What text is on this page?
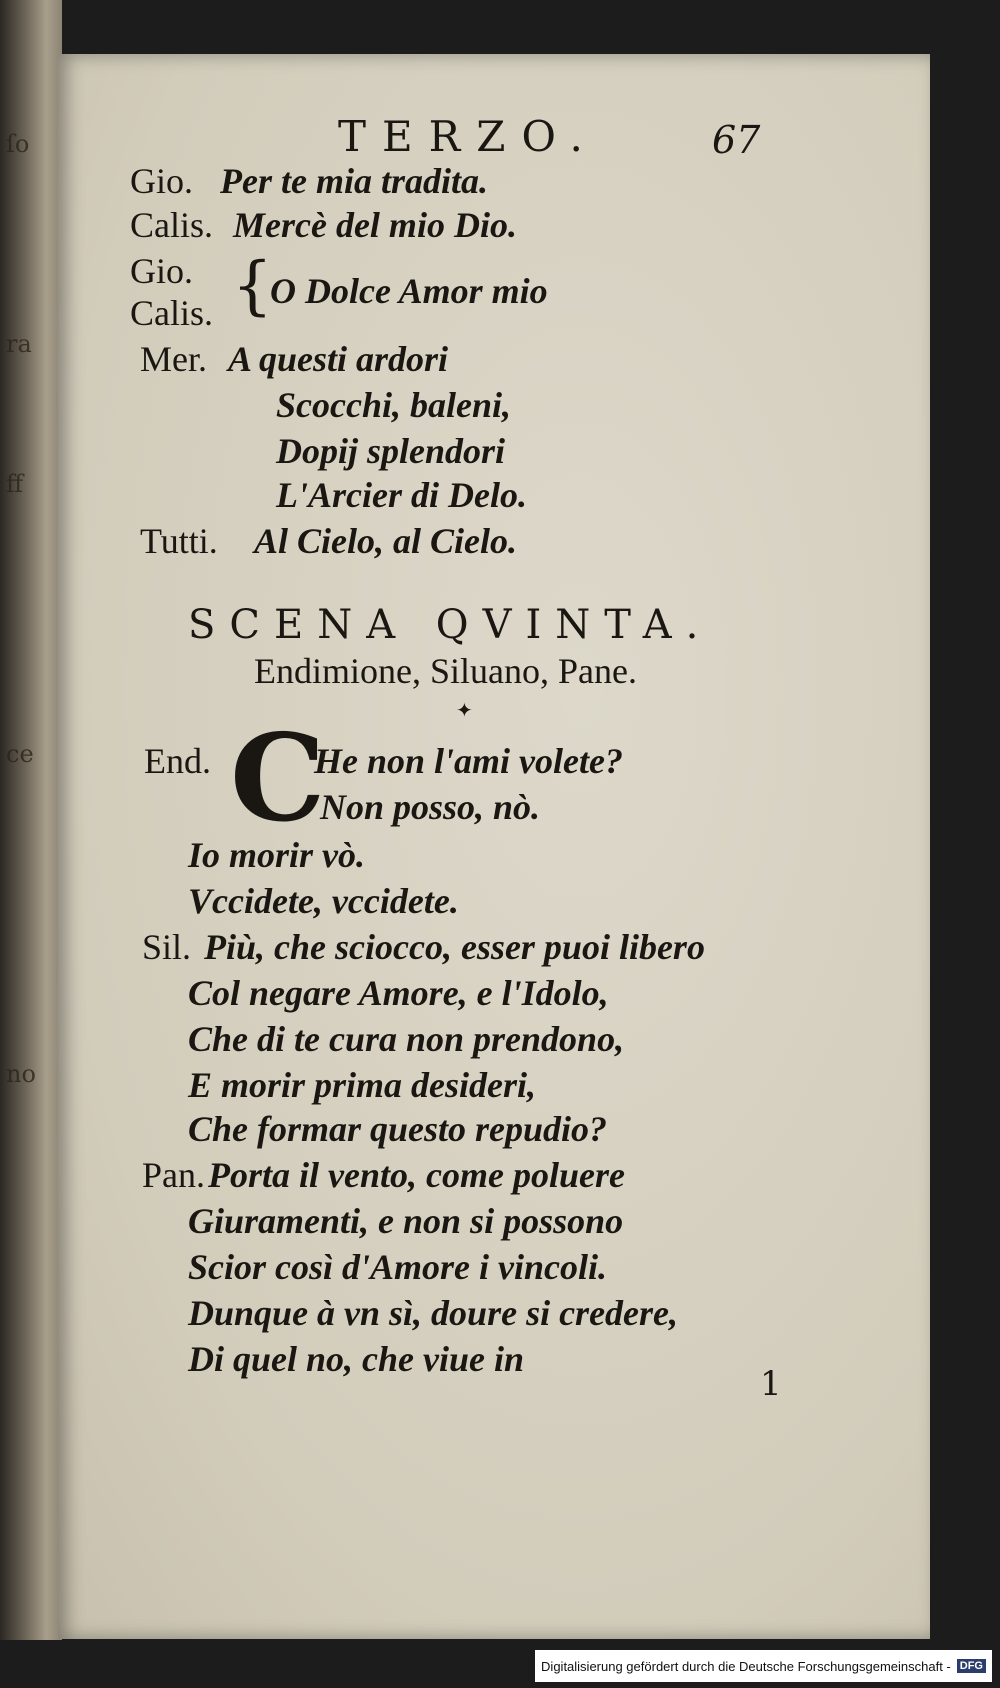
ſo
ra
ff
ce
no
TERZO.	67
Gio. Per te mia tradita.
Calis. Mercè del mio Dio.
Gio.
Calis. {
O Dolce Amor mio
Mer. A questi ardori
Scocchi, baleni,
Dopij splendori
L'Arcier di Delo.
Tutti. Al Cielo, al Cielo.
SCENA QVINTA.
Endimione, Siluano, Pane.
✦
End. C
He non l'ami volete?
Non posso, nò.
Io morir vò.
Vccidete, vccidete.
Sil. Più, che sciocco, esser puoi libero
Col negare Amore, e l'Idolo,
Che di te cura non prendono,
E morir prima desideri,
Che formar questo repudio?
Pan. Porta il vento, come poluere
Giuramenti, e non si possono
Scior così d'Amore i vincoli.
Dunque à vn sì, doure si credere,
Di quel no, che viue in
1
Digitalisierung gefördert durch die Deutsche Forschungsgemeinschaft - DFG
